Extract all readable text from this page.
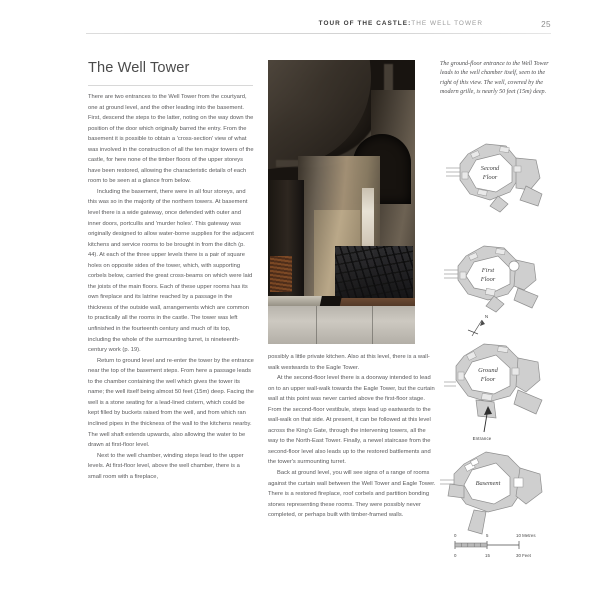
TOUR OF THE CASTLE:THE WELL TOWER	25
The Well Tower

There are two entrances to the Well Tower from the courtyard, one at ground level, and the other leading into the basement. First, descend the steps to the latter, noting on the way down the position of the door which originally barred the entry. From the basement it is possible to obtain a 'cross-section' view of what was involved in the construction of all the ten major towers of the castle, for here none of the timber floors of the upper storeys have been restored, allowing the characteristic details of each room to be seen at a glance from below.

Including the basement, there were in all four storeys, and this was so in the majority of the northern towers. At basement level there is a wide gateway, once defended with outer and inner doors, portcullis and 'murder holes'. This gateway was originally designed to allow water-borne supplies for the adjacent kitchens and service rooms to be brought in from the ditch (p. 44). At each of the three upper levels there is a pair of square holes on opposite sides of the tower, which, with supporting corbels below, carried the great cross-beams on which were laid the joists of the main floors. Each of these upper rooms has its own fireplace and its latrine reached by a passage in the thickness of the outside wall, arrangements which are common to practically all the rooms in the castle. The tower was left unfinished in the fourteenth century and much of its top, including the whole of the surmounting turret, is nineteenth-century work (p. 19).

Return to ground level and re-enter the tower by the entrance near the top of the basement steps. From here a passage leads to the chamber containing the well which gives the tower its name; the well itself being almost 50 feet (15m) deep. Facing the well is a stone seating for a lead-lined cistern, which could be kept filled by buckets raised from the well, and from which ran inclined pipes in the thickness of the wall to the kitchens nearby. The well shaft extends upwards, also allowing the water to be drawn at first-floor level.

Next to the well chamber, winding steps lead to the upper levels. At first-floor level, above the well chamber, there is a small room with a fireplace,

possibly a little private kitchen. Also at this level, there is a wall-walk westwards to the Eagle Tower.

At the second-floor level there is a doorway intended to lead on to an upper wall-walk towards the Eagle Tower, but the curtain wall at this point was never carried above the first-floor stage. From the second-floor vestibule, steps lead up eastwards to the wall-walk on that side. At present, it can be followed at this level across the King's Gate, through the intervening towers, all the way to the North-East Tower. Finally, a newel staircase from the second-floor level also leads up to the restored battlements and the tower's surmounting turret.

Back at ground level, you will see signs of a range of rooms against the curtain wall between the Well Tower and Eagle Tower. There is a restored fireplace, roof corbels and partition bonding stones representing these rooms. They were possibly never completed, or perhaps built with timber-framed walls.

The ground-floor entrance to the Well Tower leads to the well chamber itself, seen to the right of this view. The well, covered by the modern grille, is nearly 50 feet (15m) deep.
Second
Floor
First
Floor
N
Ground
Floor
Entrance
Basement
0	5	10 Metres
0	15	30 Feet
